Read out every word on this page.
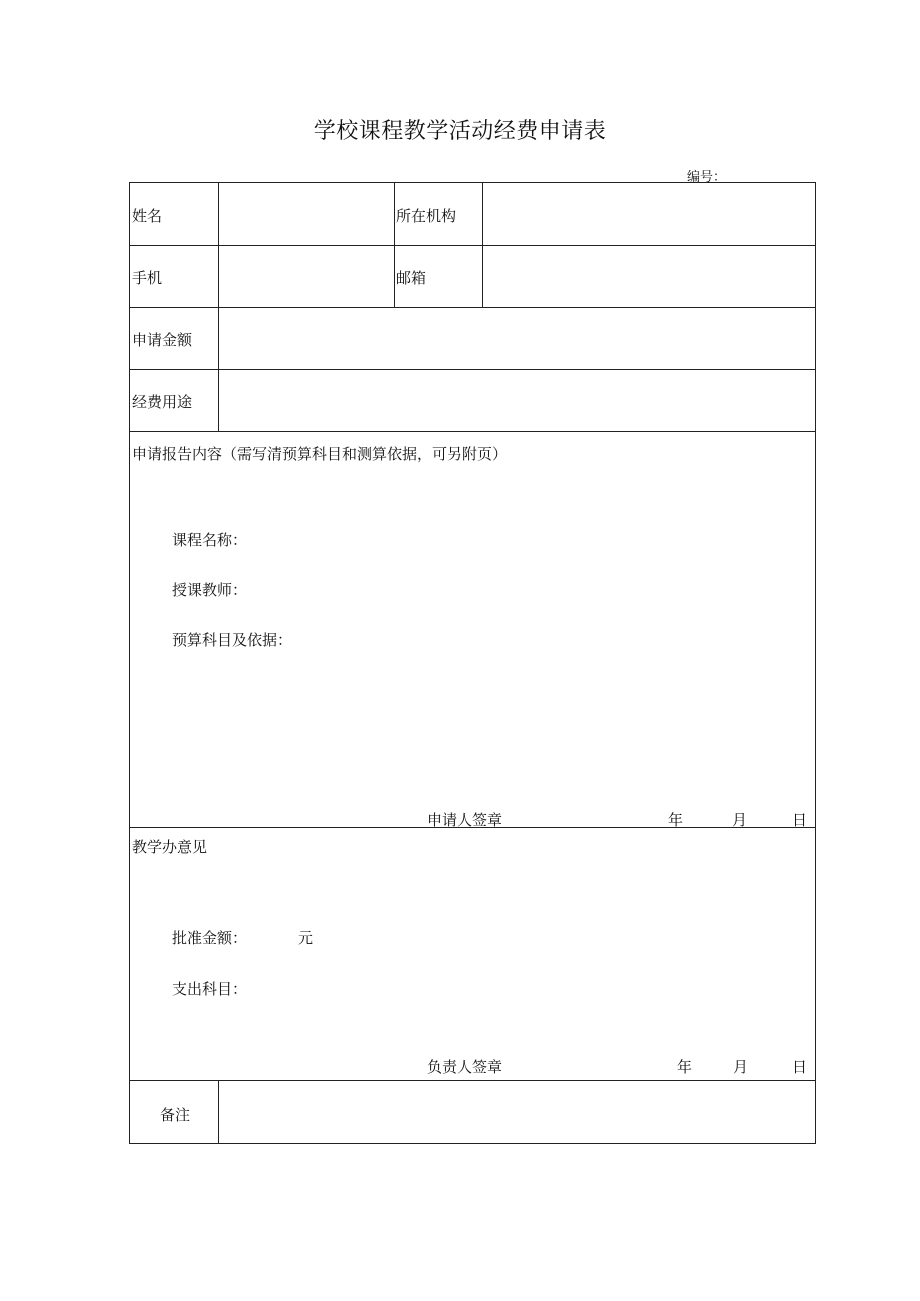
学校课程教学活动经费申请表
编号：
姓名	所在机构
手机	邮箱
申请金额
经费用途
申请报告内容（需写清预算科目和测算依据，可另附页）
课程名称：
授课教师：
预算科目及依据：
申请人签章	年	月	日
教学办意见
批准金额：	元
支出科目：
负责人签章	年	月	日
备注
